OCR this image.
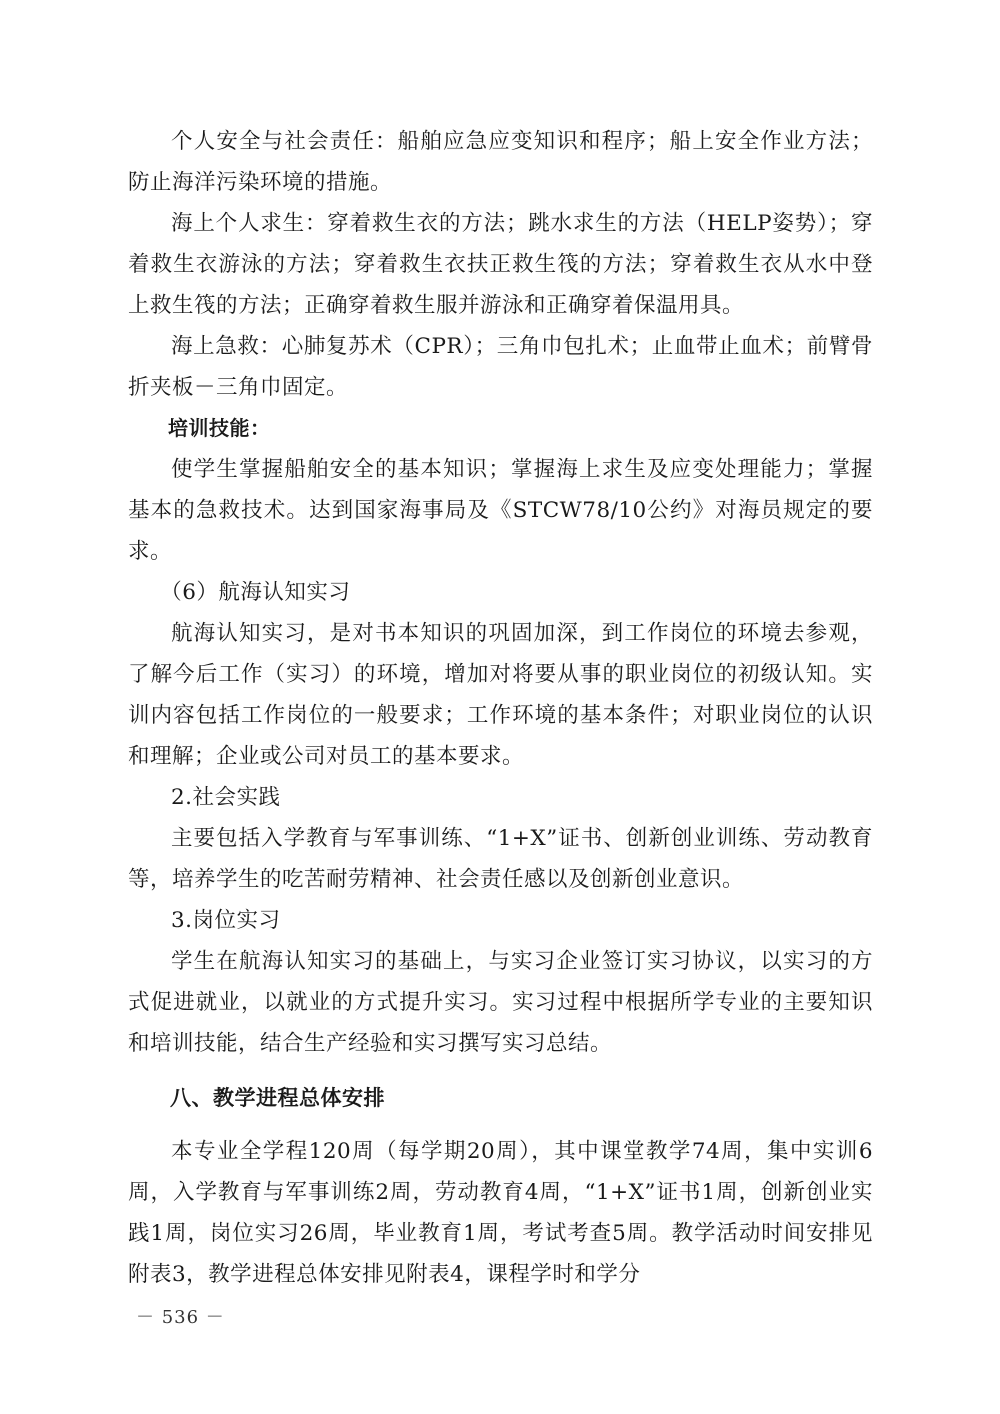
个人安全与社会责任：船舶应急应变知识和程序；船上安全作业方法；防止海洋污染环境的措施。

海上个人求生：穿着救生衣的方法；跳水求生的方法（HELP姿势）；穿着救生衣游泳的方法；穿着救生衣扶正救生筏的方法；穿着救生衣从水中登上救生筏的方法；正确穿着救生服并游泳和正确穿着保温用具。

海上急救：心肺复苏术（CPR）；三角巾包扎术；止血带止血术；前臂骨折夹板－三角巾固定。

培训技能：

使学生掌握船舶安全的基本知识；掌握海上求生及应变处理能力；掌握基本的急救技术。达到国家海事局及《STCW78/10公约》对海员规定的要求。

（6）航海认知实习

航海认知实习，是对书本知识的巩固加深，到工作岗位的环境去参观，了解今后工作（实习）的环境，增加对将要从事的职业岗位的初级认知。实训内容包括工作岗位的一般要求；工作环境的基本条件；对职业岗位的认识和理解；企业或公司对员工的基本要求。

2.社会实践

主要包括入学教育与军事训练、“1+X”证书、创新创业训练、劳动教育等，培养学生的吃苦耐劳精神、社会责任感以及创新创业意识。

3.岗位实习

学生在航海认知实习的基础上，与实习企业签订实习协议，以实习的方式促进就业，以就业的方式提升实习。实习过程中根据所学专业的主要知识和培训技能，结合生产经验和实习撰写实习总结。

八、教学进程总体安排

本专业全学程120周（每学期20周），其中课堂教学74周，集中实训6周，入学教育与军事训练2周，劳动教育4周，“1+X”证书1周，创新创业实践1周，岗位实习26周，毕业教育1周，考试考查5周。教学活动时间安排见附表3，教学进程总体安排见附表4，课程学时和学分

－ 536 －
